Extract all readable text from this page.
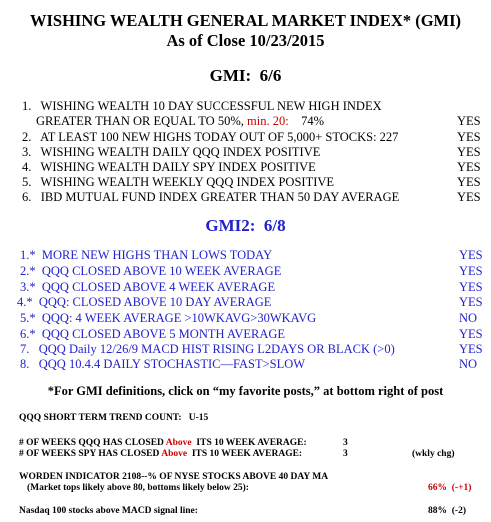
WISHING WEALTH GENERAL MARKET INDEX* (GMI)
As of Close 10/23/2015
GMI: 6/6
1. WISHING WEALTH 10 DAY SUCCESSFUL NEW HIGH INDEX
GREATER THAN OR EQUAL TO 50%, min. 20: 74%	YES
2. AT LEAST 100 NEW HIGHS TODAY OUT OF 5,000+ STOCKS: 227	YES
3. WISHING WEALTH DAILY QQQ INDEX POSITIVE	YES
4. WISHING WEALTH DAILY SPY INDEX POSITIVE	YES
5. WISHING WEALTH WEEKLY QQQ INDEX POSITIVE	YES
6. IBD MUTUAL FUND INDEX GREATER THAN 50 DAY AVERAGE	YES
GMI2: 6/8
1.* MORE NEW HIGHS THAN LOWS TODAY	YES
2.* QQQ CLOSED ABOVE 10 WEEK AVERAGE	YES
3.* QQQ CLOSED ABOVE 4 WEEK AVERAGE	YES
4.* QQQ: CLOSED ABOVE 10 DAY AVERAGE	YES
5.* QQQ: 4 WEEK AVERAGE >10WKAVG>30WKAVG	NO
6.* QQQ CLOSED ABOVE 5 MONTH AVERAGE	YES
7. QQQ Daily 12/26/9 MACD HIST RISING L2DAYS OR BLACK (>0)	YES
8. QQQ 10.4.4 DAILY STOCHASTIC—FAST>SLOW	NO
*For GMI definitions, click on “my favorite posts,” at bottom right of post
QQQ SHORT TERM TREND COUNT: U-15
# OF WEEKS QQQ HAS CLOSED Above ITS 10 WEEK AVERAGE:	3
# OF WEEKS SPY HAS CLOSED Above ITS 10 WEEK AVERAGE:	3	(wkly chg)
WORDEN INDICATOR 2108--% OF NYSE STOCKS ABOVE 40 DAY MA
(Market tops likely above 80, bottoms likely below 25):	66% (-+1)
Nasdaq 100 stocks above MACD signal line:	88% (-2)
